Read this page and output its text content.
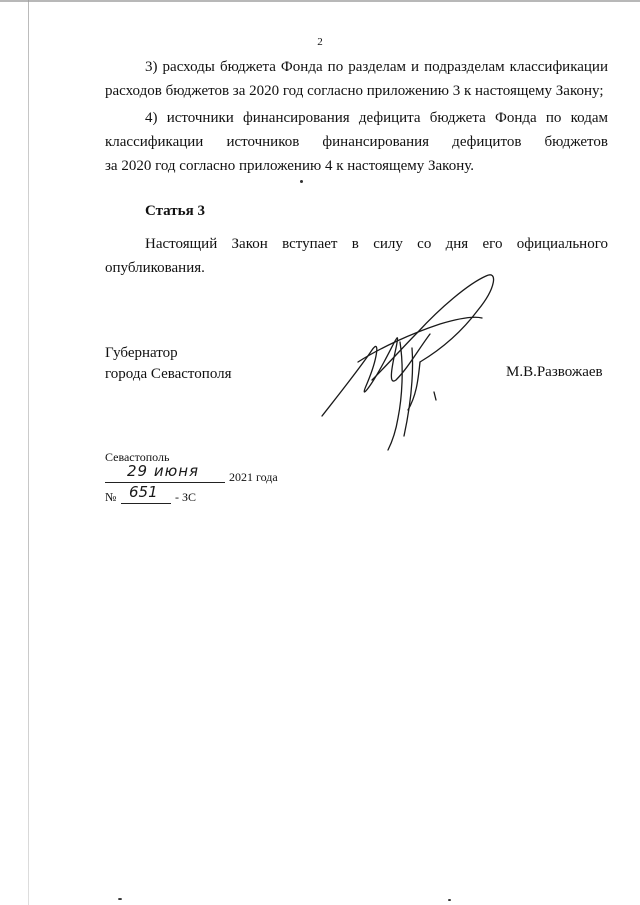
2

3) расходы бюджета Фонда по разделам и подразделам классификации
расходов бюджетов за 2020 год согласно приложению 3 к настоящему Закону;

4) источники финансирования дефицита бюджета Фонда по кодам
классификации источников финансирования дефицитов бюджетов
за 2020 год согласно приложению 4 к настоящему Закону.

Статья 3

Настоящий Закон вступает в силу со дня его официального
опубликования.

Губернатор
города Севастополя	М.В.Развожаев
Севастополь
29 июня 2021 года
№ 651 - ЗС
